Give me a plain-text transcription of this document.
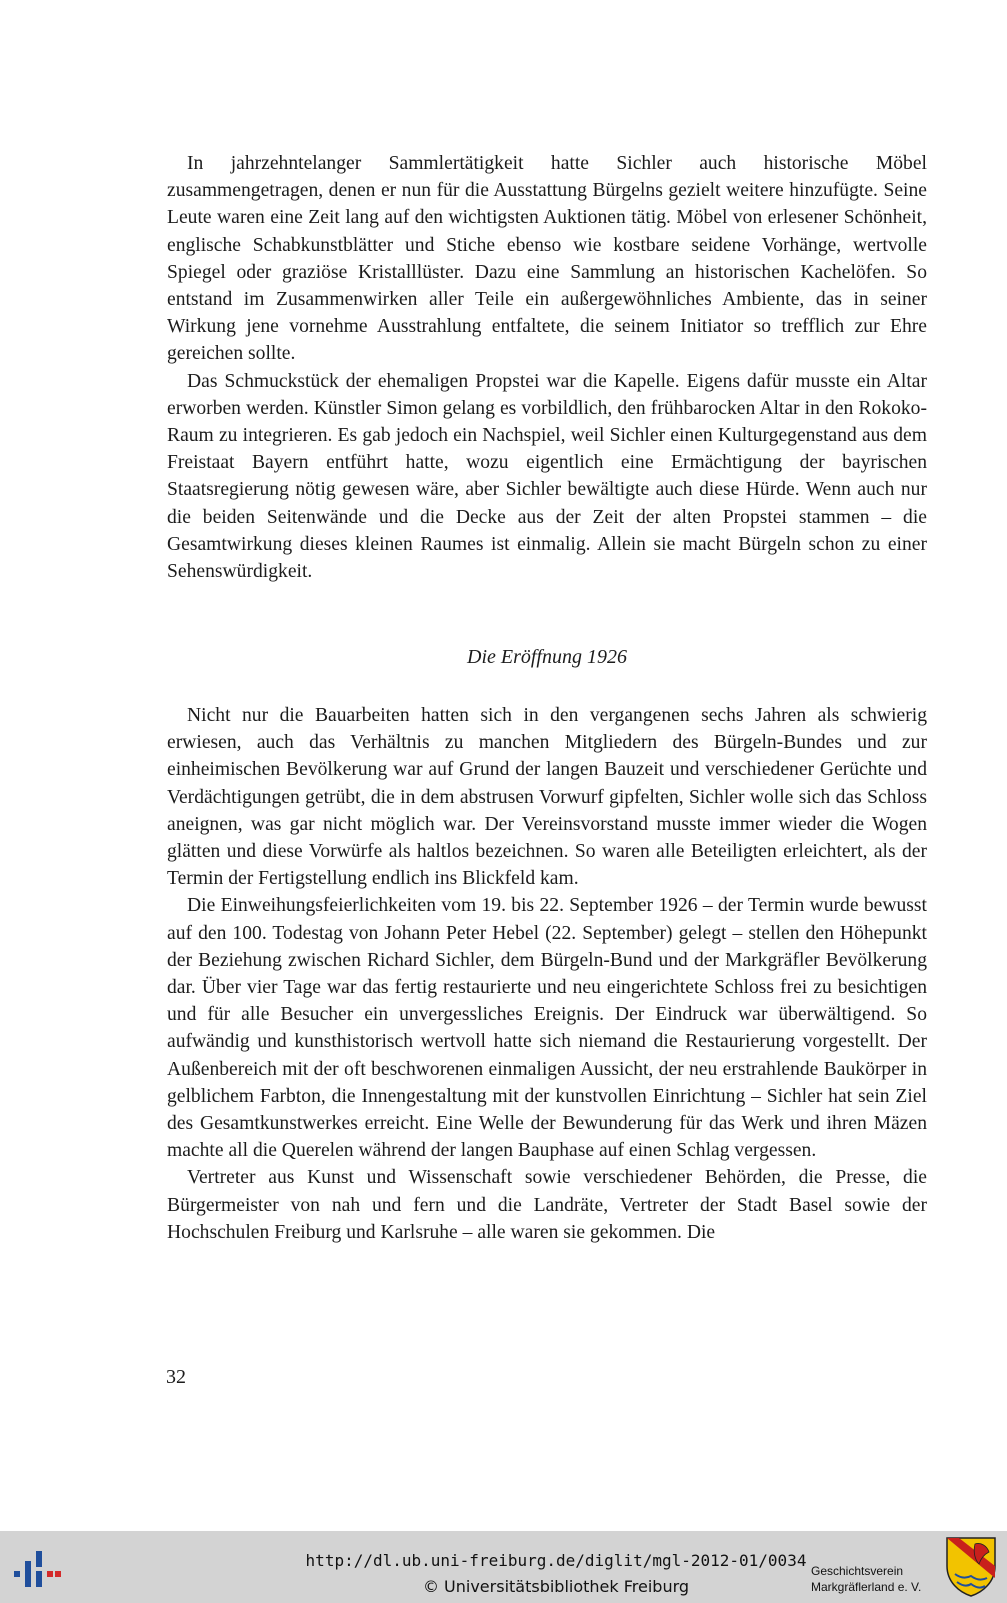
In jahrzehntelanger Sammlertätigkeit hatte Sichler auch historische Möbel zusammengetragen, denen er nun für die Ausstattung Bürgelns gezielt weitere hinzufügte. Seine Leute waren eine Zeit lang auf den wichtigsten Auktionen tätig. Möbel von erlesener Schönheit, englische Schabkunstblätter und Stiche ebenso wie kostbare seidene Vorhänge, wertvolle Spiegel oder graziöse Kristalllüster. Dazu eine Sammlung an historischen Kachelöfen. So entstand im Zusammenwirken aller Teile ein außergewöhnliches Ambiente, das in seiner Wirkung jene vornehme Ausstrahlung entfaltete, die seinem Initiator so trefflich zur Ehre gereichen sollte.

Das Schmuckstück der ehemaligen Propstei war die Kapelle. Eigens dafür musste ein Altar erworben werden. Künstler Simon gelang es vorbildlich, den frühbarocken Altar in den Rokoko-Raum zu integrieren. Es gab jedoch ein Nachspiel, weil Sichler einen Kulturgegenstand aus dem Freistaat Bayern entführt hatte, wozu eigentlich eine Ermächtigung der bayrischen Staatsregierung nötig gewesen wäre, aber Sichler bewältigte auch diese Hürde. Wenn auch nur die beiden Seitenwände und die Decke aus der Zeit der alten Propstei stammen – die Gesamtwirkung dieses kleinen Raumes ist einmalig. Allein sie macht Bürgeln schon zu einer Sehenswürdigkeit.

Die Eröffnung 1926

Nicht nur die Bauarbeiten hatten sich in den vergangenen sechs Jahren als schwierig erwiesen, auch das Verhältnis zu manchen Mitgliedern des Bürgeln-Bundes und zur einheimischen Bevölkerung war auf Grund der langen Bauzeit und verschiedener Gerüchte und Verdächtigungen getrübt, die in dem abstrusen Vorwurf gipfelten, Sichler wolle sich das Schloss aneignen, was gar nicht möglich war. Der Vereinsvorstand musste immer wieder die Wogen glätten und diese Vorwürfe als haltlos bezeichnen. So waren alle Beteiligten erleichtert, als der Termin der Fertigstellung endlich ins Blickfeld kam.

Die Einweihungsfeierlichkeiten vom 19. bis 22. September 1926 – der Termin wurde bewusst auf den 100. Todestag von Johann Peter Hebel (22. September) gelegt – stellen den Höhepunkt der Beziehung zwischen Richard Sichler, dem Bürgeln-Bund und der Markgräfler Bevölkerung dar. Über vier Tage war das fertig restaurierte und neu eingerichtete Schloss frei zu besichtigen und für alle Besucher ein unvergessliches Ereignis. Der Eindruck war überwältigend. So aufwändig und kunsthistorisch wertvoll hatte sich niemand die Restaurierung vorgestellt. Der Außenbereich mit der oft beschworenen einmaligen Aussicht, der neu erstrahlende Baukörper in gelblichem Farbton, die Innengestaltung mit der kunstvollen Einrichtung – Sichler hat sein Ziel des Gesamtkunstwerkes erreicht. Eine Welle der Bewunderung für das Werk und ihren Mäzen machte all die Querelen während der langen Bauphase auf einen Schlag vergessen.

Vertreter aus Kunst und Wissenschaft sowie verschiedener Behörden, die Presse, die Bürgermeister von nah und fern und die Landräte, Vertreter der Stadt Basel sowie der Hochschulen Freiburg und Karlsruhe – alle waren sie gekommen. Die

32
http://dl.ub.uni-freiburg.de/diglit/mgl-2012-01/0034
© Universitätsbibliothek Freiburg
Geschichtsverein
Markgräflerland e. V.
